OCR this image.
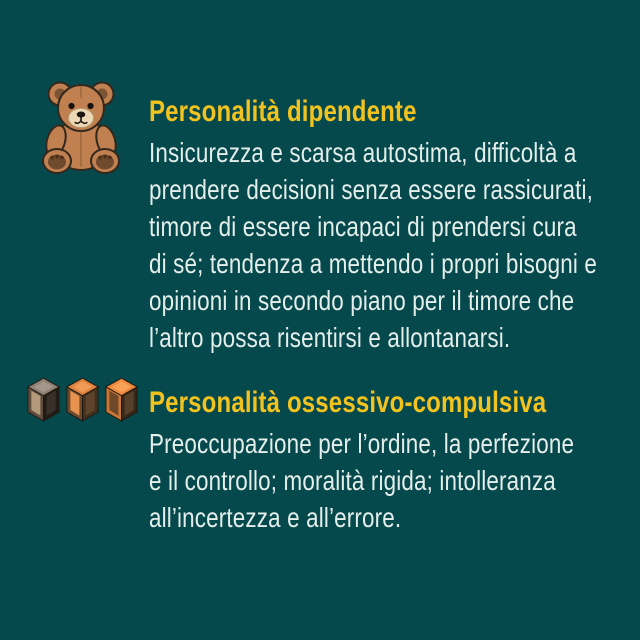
Personalità dipendente
Insicurezza e scarsa autostima, difficoltà a
prendere decisioni senza essere rassicurati,
timore di essere incapaci di prendersi cura
di sé; tendenza a mettendo i propri bisogni e
opinioni in secondo piano per il timore che
l’altro possa risentirsi e allontanarsi.
Personalità ossessivo-compulsiva
Preoccupazione per l’ordine, la perfezione
e il controllo; moralità rigida; intolleranza
all’incertezza e all’errore.
